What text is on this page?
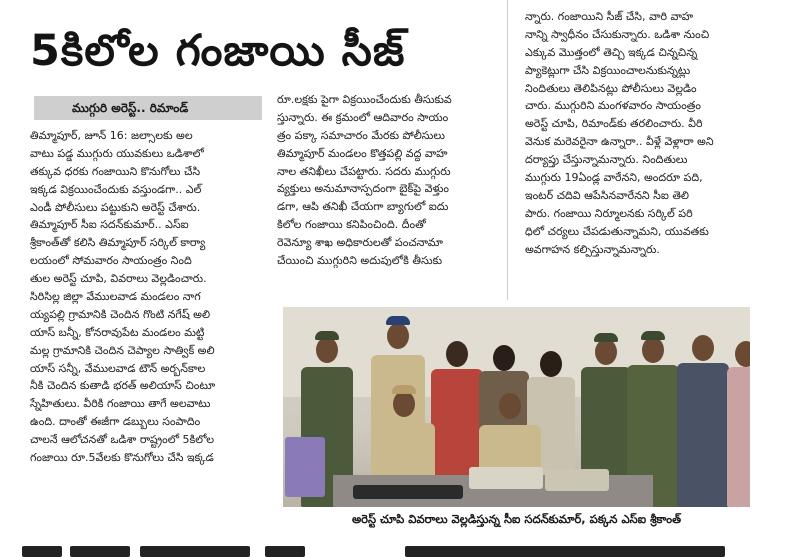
5కిలోల గంజాయి సీజ్
ముగ్గురి అరెస్ట్.. రిమాండ్
తిమ్మాపూర్, జూన్ 16: జల్సాలకు అల
వాటు పడ్డ ముగ్గురు యువకులు ఒడిశాలో
తక్కువ ధరకు గంజాయిని కొనుగోలు చేసి
ఇక్కడ విక్రయించేందుకు వస్తుండగా.. ఎల్
ఎండీ పోలీసులు పట్టుకుని అరెస్ట్ చేశారు.
తిమ్మాపూర్ సీఐ సదన్‌కుమార్.. ఎస్ఐ
శ్రీకాంత్‌తో కలిసి తిమ్మాపూర్ సర్కిల్ కార్యా
లయంలో సోమవారం సాయంత్రం నింది
తుల అరెస్ట్ చూపి, వివరాలు వెల్లడించారు.
సిరిసిల్ల జిల్లా వేములవాడ మండలం నాగ
య్యపల్లి గ్రామానికి చెందిన గొంటి నగేష్ అలి
యాస్ బన్నీ, కోనరావుపేట మండలం మట్టి
మల్ల గ్రామానికి చెందిన చెప్యాల సాత్విక్ అలి
యాస్ సన్నీ, వేములవాడ టౌన్ అర్బన్‌కాల
నీకి చెందిన కుతాడి భరత్ అలియాస్ చింటూ
స్నేహితులు. వీరికి గంజాయి తాగే అలవాటు
ఉంది. దాంతో ఈజీగా డబ్బులు సంపాదిం
చాలనే ఆలోచనతో ఒడిశా రాష్ట్రంలో 5కిలోల
గంజాయి రూ.5వేలకు కొనుగోలు చేసి ఇక్కడ
రూ.లక్షకు పైగా విక్రయించేందుకు తీసుకువ
స్తున్నారు. ఈ క్రమంలో ఆదివారం సాయం
త్రం పక్కా సమాచారం మేరకు పోలీసులు
తిమ్మాపూర్ మండలం కొత్తపల్లి వద్ద వాహ
నాల తనిఖీలు చేపట్టారు. సదరు ముగ్గురు
వ్యక్తులు అనుమానాస్పదంగా బైక్‌పై వెళ్తుం
డగా, ఆపి తనిఖీ చేయగా బ్యాగులో ఐదు
కిలోల గంజాయి కనిపించింది. దీంతో
రెవెన్యూ శాఖ అధికారులతో పంచనామా
చేయించి ముగ్గురిని అదుపులోకి తీసుకు
న్నారు. గంజాయిని సీజ్ చేసి, వారి వాహ
నాన్ని స్వాధీనం చేసుకున్నారు. ఒడిశా నుంచి
ఎక్కువ మొత్తంలో తెచ్చి ఇక్కడ చిన్నచిన్న
ప్యాకెట్లుగా చేసి విక్రయించాలనుకున్నట్లు
నిందితులు తెలిపినట్లు పోలీసులు వెల్లడిం
చారు. ముగ్గురిని మంగళవారం సాయంత్రం
అరెస్ట్ చూపి, రిమాండ్‌కు తరలించారు. వీరి
వెనుక మరెవరైనా ఉన్నారా.. వీళ్లే వెళ్లారా అని
దర్యాప్తు చేస్తున్నామన్నారు. నిందితులు
ముగ్గురు 19ఏండ్ల వారేనని, అందరూ పది,
ఇంటర్ చదివి ఆపేసినవారేనని సీఐ తెలి
పారు. గంజాయి నిర్మూలనకు సర్కిల్ పరి
ధిలో చర్యలు చేపడుతున్నామని, యువతకు
అవగాహన కల్పిస్తున్నామన్నారు.
అరెస్ట్ చూపి వివరాలు వెల్లడిస్తున్న సీఐ సదన్‌కుమార్, పక్కన ఎస్ఐ శ్రీకాంత్
